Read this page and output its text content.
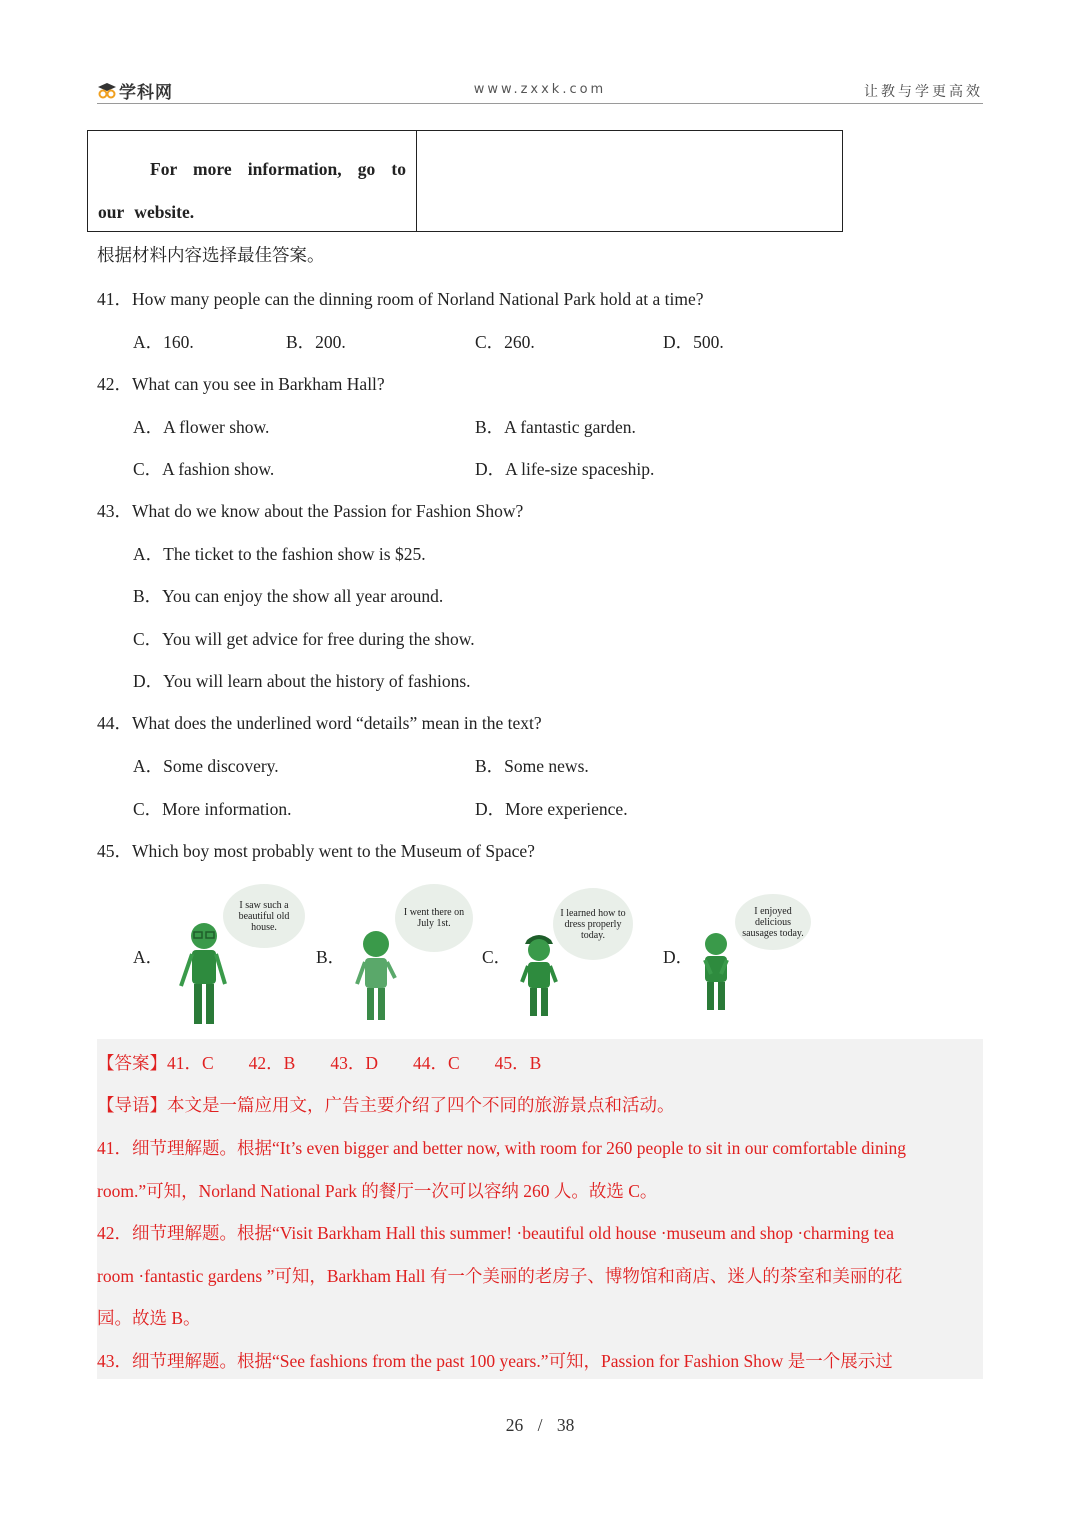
学科网	www.zxxk.com	让教与学更高效
For more information, go to our website.
根据材料内容选择最佳答案。
41．How many people can the dinning room of Norland National Park hold at a time?
A．160.	B．200.	C．260.	D．500.
42．What can you see in Barkham Hall?
A．A flower show.	B．A fantastic garden.
C．A fashion show.	D．A life-size spaceship.
43．What do we know about the Passion for Fashion Show?
A．The ticket to the fashion show is $25.
B．You can enjoy the show all year around.
C．You will get advice for free during the show.
D．You will learn about the history of fashions.
44．What does the underlined word “details” mean in the text?
A．Some discovery.	B．Some news.
C．More information.	D．More experience.
45．Which boy most probably went to the Museum of Space?
A．
I saw such a beautiful old house.
B．
I went there on July 1st.
C．
I learned how to dress properly today.
D．
I enjoyed delicious sausages today.
【答案】41．C　　42．B　　43．D　　44．C　　45．B
【导语】本文是一篇应用文，广告主要介绍了四个不同的旅游景点和活动。
41．细节理解题。根据“It’s even bigger and better now, with room for 260 people to sit in our comfortable dining
room.”可知，Norland National Park 的餐厅一次可以容纳 260 人。故选 C。
42．细节理解题。根据“Visit Barkham Hall this summer! ·beautiful old house ·museum and shop ·charming tea
room ·fantastic gardens ”可知，Barkham Hall 有一个美丽的老房子、博物馆和商店、迷人的茶室和美丽的花
园。故选 B。
43．细节理解题。根据“See fashions from the past 100 years.”可知，Passion for Fashion Show 是一个展示过
26 / 38
